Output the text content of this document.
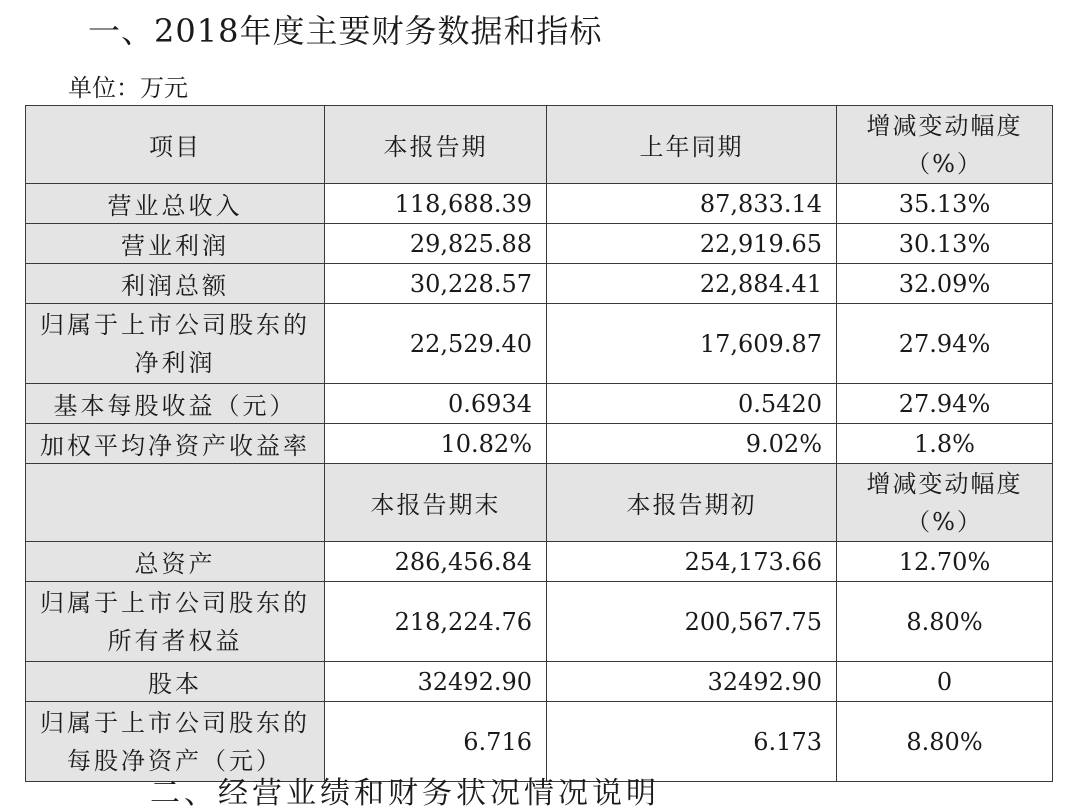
一、2018年度主要财务数据和指标
单位：万元
项目	本报告期	上年同期	增减变动幅度
（%）

营业总收入	118,688.39	87,833.14	35.13%
营业利润	29,825.88	22,919.65	30.13%
利润总额	30,228.57	22,884.41	32.09%

归属于上市公司股东的
净利润	22,529.40	17,609.87	27.94%
基本每股收益（元）	0.6934	0.5420	27.94%
加权平均净资产收益率	10.82%	9.02%	1.8%
	本报告期末	本报告期初	增减变动幅度
（%）

总资产	286,456.84	254,173.66	12.70%

归属于上市公司股东的
所有者权益	218,224.76	200,567.75	8.80%
股本	32492.90	32492.90	0

归属于上市公司股东的
每股净资产（元）	6.716	6.173	8.80%
二、经营业绩和财务状况情况说明
